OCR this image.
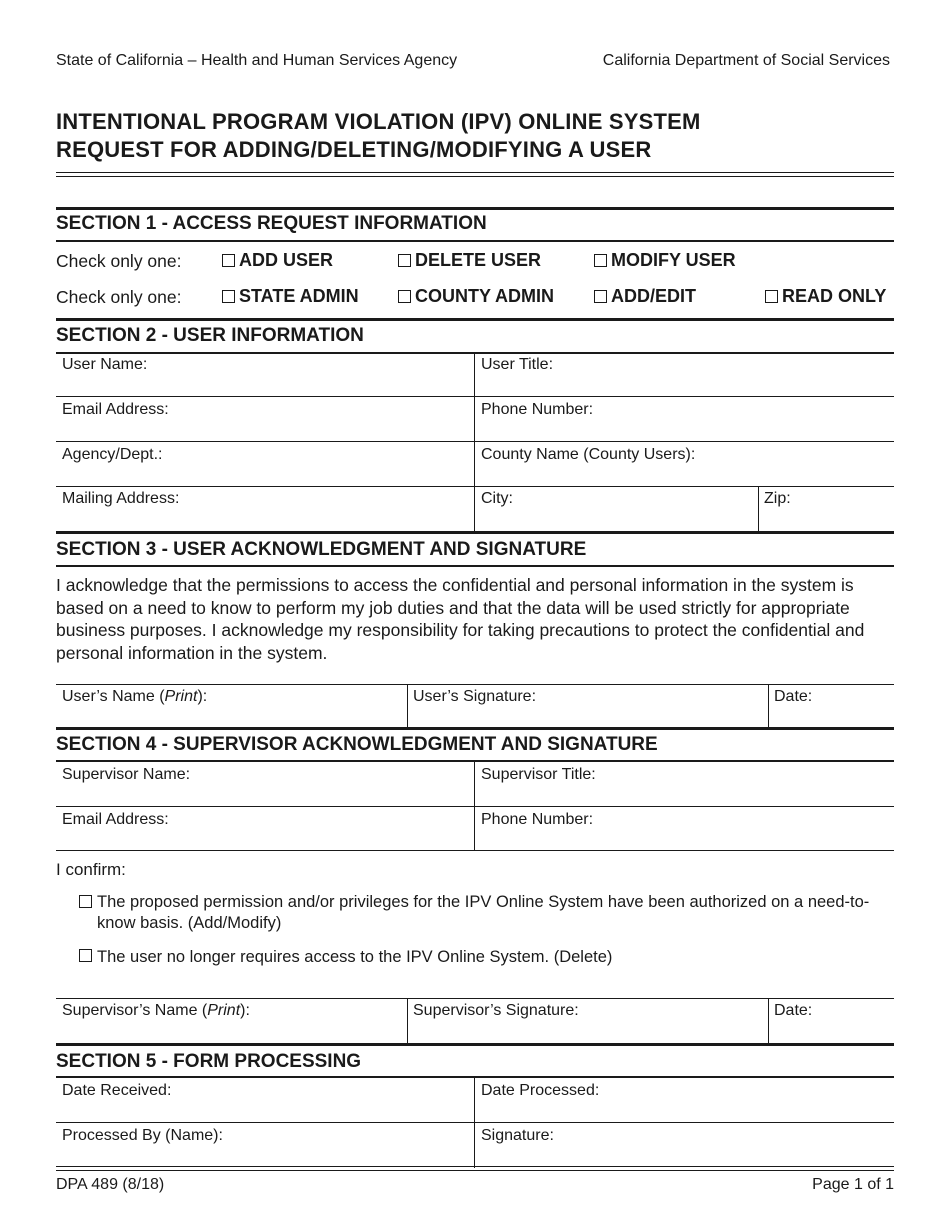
State of California – Health and Human Services Agency	California Department of Social Services
INTENTIONAL PROGRAM VIOLATION (IPV) ONLINE SYSTEM
REQUEST FOR ADDING/DELETING/MODIFYING A USER
SECTION 1 - ACCESS REQUEST INFORMATION
Check only one:	ADD USER	DELETE USER	MODIFY USER
Check only one:	STATE ADMIN	COUNTY ADMIN	ADD/EDIT	READ ONLY
SECTION 2 - USER INFORMATION
User Name:	User Title:
Email Address:	Phone Number:
Agency/Dept.:	County Name (County Users):
Mailing Address:	City:	Zip:
SECTION 3 - USER ACKNOWLEDGMENT AND SIGNATURE
I acknowledge that the permissions to access the confidential and personal information in the system is based on a need to know to perform my job duties and that the data will be used strictly for appropriate business purposes. I acknowledge my responsibility for taking precautions to protect the confidential and personal information in the system.
User’s Name (Print):	User’s Signature:	Date:
SECTION 4 - SUPERVISOR ACKNOWLEDGMENT AND SIGNATURE
Supervisor Name:	Supervisor Title:
Email Address:	Phone Number:
I confirm:
The proposed permission and/or privileges for the IPV Online System have been authorized on a need-to-know basis. (Add/Modify)
The user no longer requires access to the IPV Online System. (Delete)
Supervisor’s Name (Print):	Supervisor’s Signature:	Date:
SECTION 5 - FORM PROCESSING
Date Received:	Date Processed:
Processed By (Name):	Signature:
DPA 489 (8/18)	Page 1 of 1
